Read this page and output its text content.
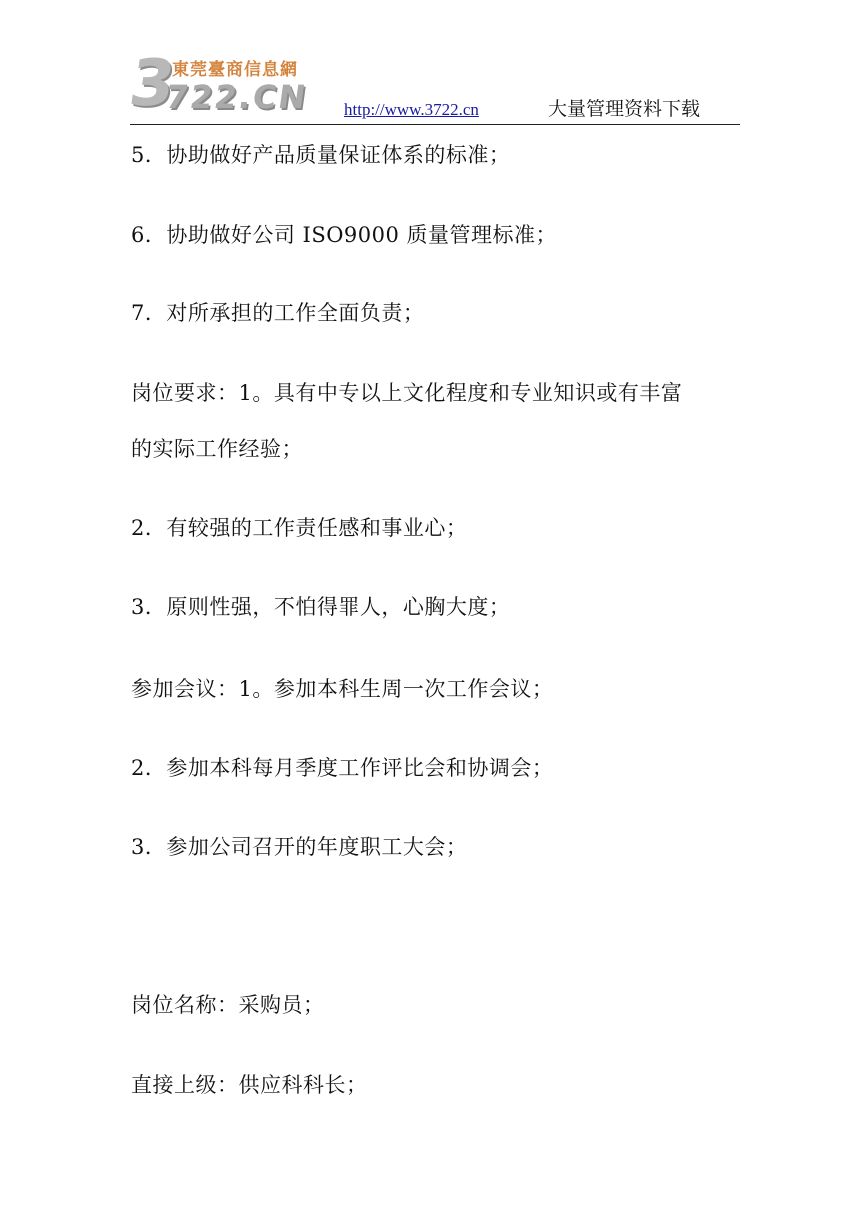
3
722.CN
東莞臺商信息網
http://www.3722.cn	大量管理资料下载
5．协助做好产品质量保证体系的标准；
6．协助做好公司 ISO9000 质量管理标准；
7．对所承担的工作全面负责；
岗位要求：1。具有中专以上文化程度和专业知识或有丰富
的实际工作经验；
2．有较强的工作责任感和事业心；
3．原则性强，不怕得罪人，心胸大度；
参加会议：1。参加本科生周一次工作会议；
2．参加本科每月季度工作评比会和协调会；
3．参加公司召开的年度职工大会；
岗位名称：采购员；
直接上级：供应科科长；
